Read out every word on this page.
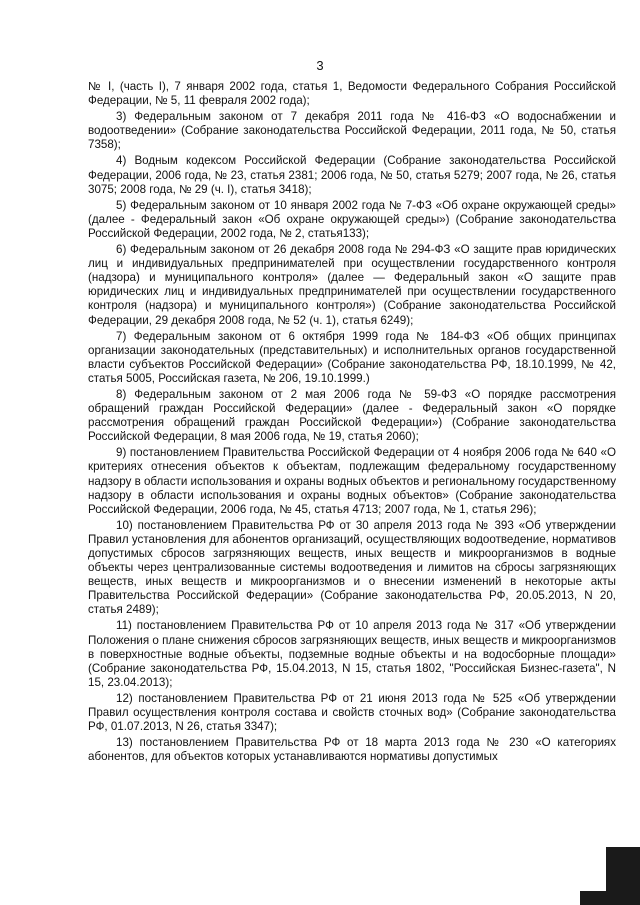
3

№ I, (часть I), 7 января 2002 года, статья 1, Ведомости Федерального Собрания Российской Федерации, № 5, 11 февраля 2002 года);

3) Федеральным законом от 7 декабря 2011 года № 416-ФЗ «О водоснабжении и водоотведении» (Собрание законодательства Российской Федерации, 2011 года, № 50, статья 7358);

4) Водным кодексом Российской Федерации (Собрание законодательства Российской Федерации, 2006 года, № 23, статья 2381; 2006 года, № 50, статья 5279; 2007 года, № 26, статья 3075; 2008 года, № 29 (ч. I), статья 3418);

5) Федеральным законом от 10 января 2002 года № 7-ФЗ «Об охране окружающей среды» (далее - Федеральный закон «Об охране окружающей среды») (Собрание законодательства Российской Федерации, 2002 года, № 2, статья133);

6) Федеральным законом от 26 декабря 2008 года № 294-ФЗ «О защите прав юридических лиц и индивидуальных предпринимателей при осуществлении государственного контроля (надзора) и муниципального контроля» (далее — Федеральный закон «О защите прав юридических лиц и индивидуальных предпринимателей при осуществлении государственного контроля (надзора) и муниципального контроля») (Собрание законодательства Российской Федерации, 29 декабря 2008 года, № 52 (ч. 1), статья 6249);

7) Федеральным законом от 6 октября 1999 года № 184-ФЗ «Об общих принципах организации законодательных (представительных) и исполнительных органов государственной власти субъектов Российской Федерации» (Собрание законодательства РФ, 18.10.1999, № 42, статья 5005, Российская газета, № 206, 19.10.1999.)

8) Федеральным законом от 2 мая 2006 года № 59-ФЗ «О порядке рассмотрения обращений граждан Российской Федерации» (далее - Федеральный закон «О порядке рассмотрения обращений граждан Российской Федерации») (Собрание законодательства Российской Федерации, 8 мая 2006 года, № 19, статья 2060);

9) постановлением Правительства Российской Федерации от 4 ноября 2006 года № 640 «О критериях отнесения объектов к объектам, подлежащим федеральному государственному надзору в области использования и охраны водных объектов и региональному государственному надзору в области использования и охраны водных объектов» (Собрание законодательства Российской Федерации, 2006 года, № 45, статья 4713; 2007 года, № 1, статья 296);

10) постановлением Правительства РФ от 30 апреля 2013 года № 393 «Об утверждении Правил установления для абонентов организаций, осуществляющих водоотведение, нормативов допустимых сбросов загрязняющих веществ, иных веществ и микроорганизмов в водные объекты через централизованные системы водоотведения и лимитов на сбросы загрязняющих веществ, иных веществ и микроорганизмов и о внесении изменений в некоторые акты Правительства Российской Федерации» (Собрание законодательства РФ, 20.05.2013, N 20, статья 2489);

11) постановлением Правительства РФ от 10 апреля 2013 года № 317 «Об утверждении Положения о плане снижения сбросов загрязняющих веществ, иных веществ и микроорганизмов в поверхностные водные объекты, подземные водные объекты и на водосборные площади» (Собрание законодательства РФ, 15.04.2013, N 15, статья 1802, "Российская Бизнес-газета", N 15, 23.04.2013);

12) постановлением Правительства РФ от 21 июня 2013 года № 525 «Об утверждении Правил осуществления контроля состава и свойств сточных вод» (Собрание законодательства РФ, 01.07.2013, N 26, статья 3347);

13) постановлением Правительства РФ от 18 марта 2013 года № 230 «О категориях абонентов, для объектов которых устанавливаются нормативы допустимых
